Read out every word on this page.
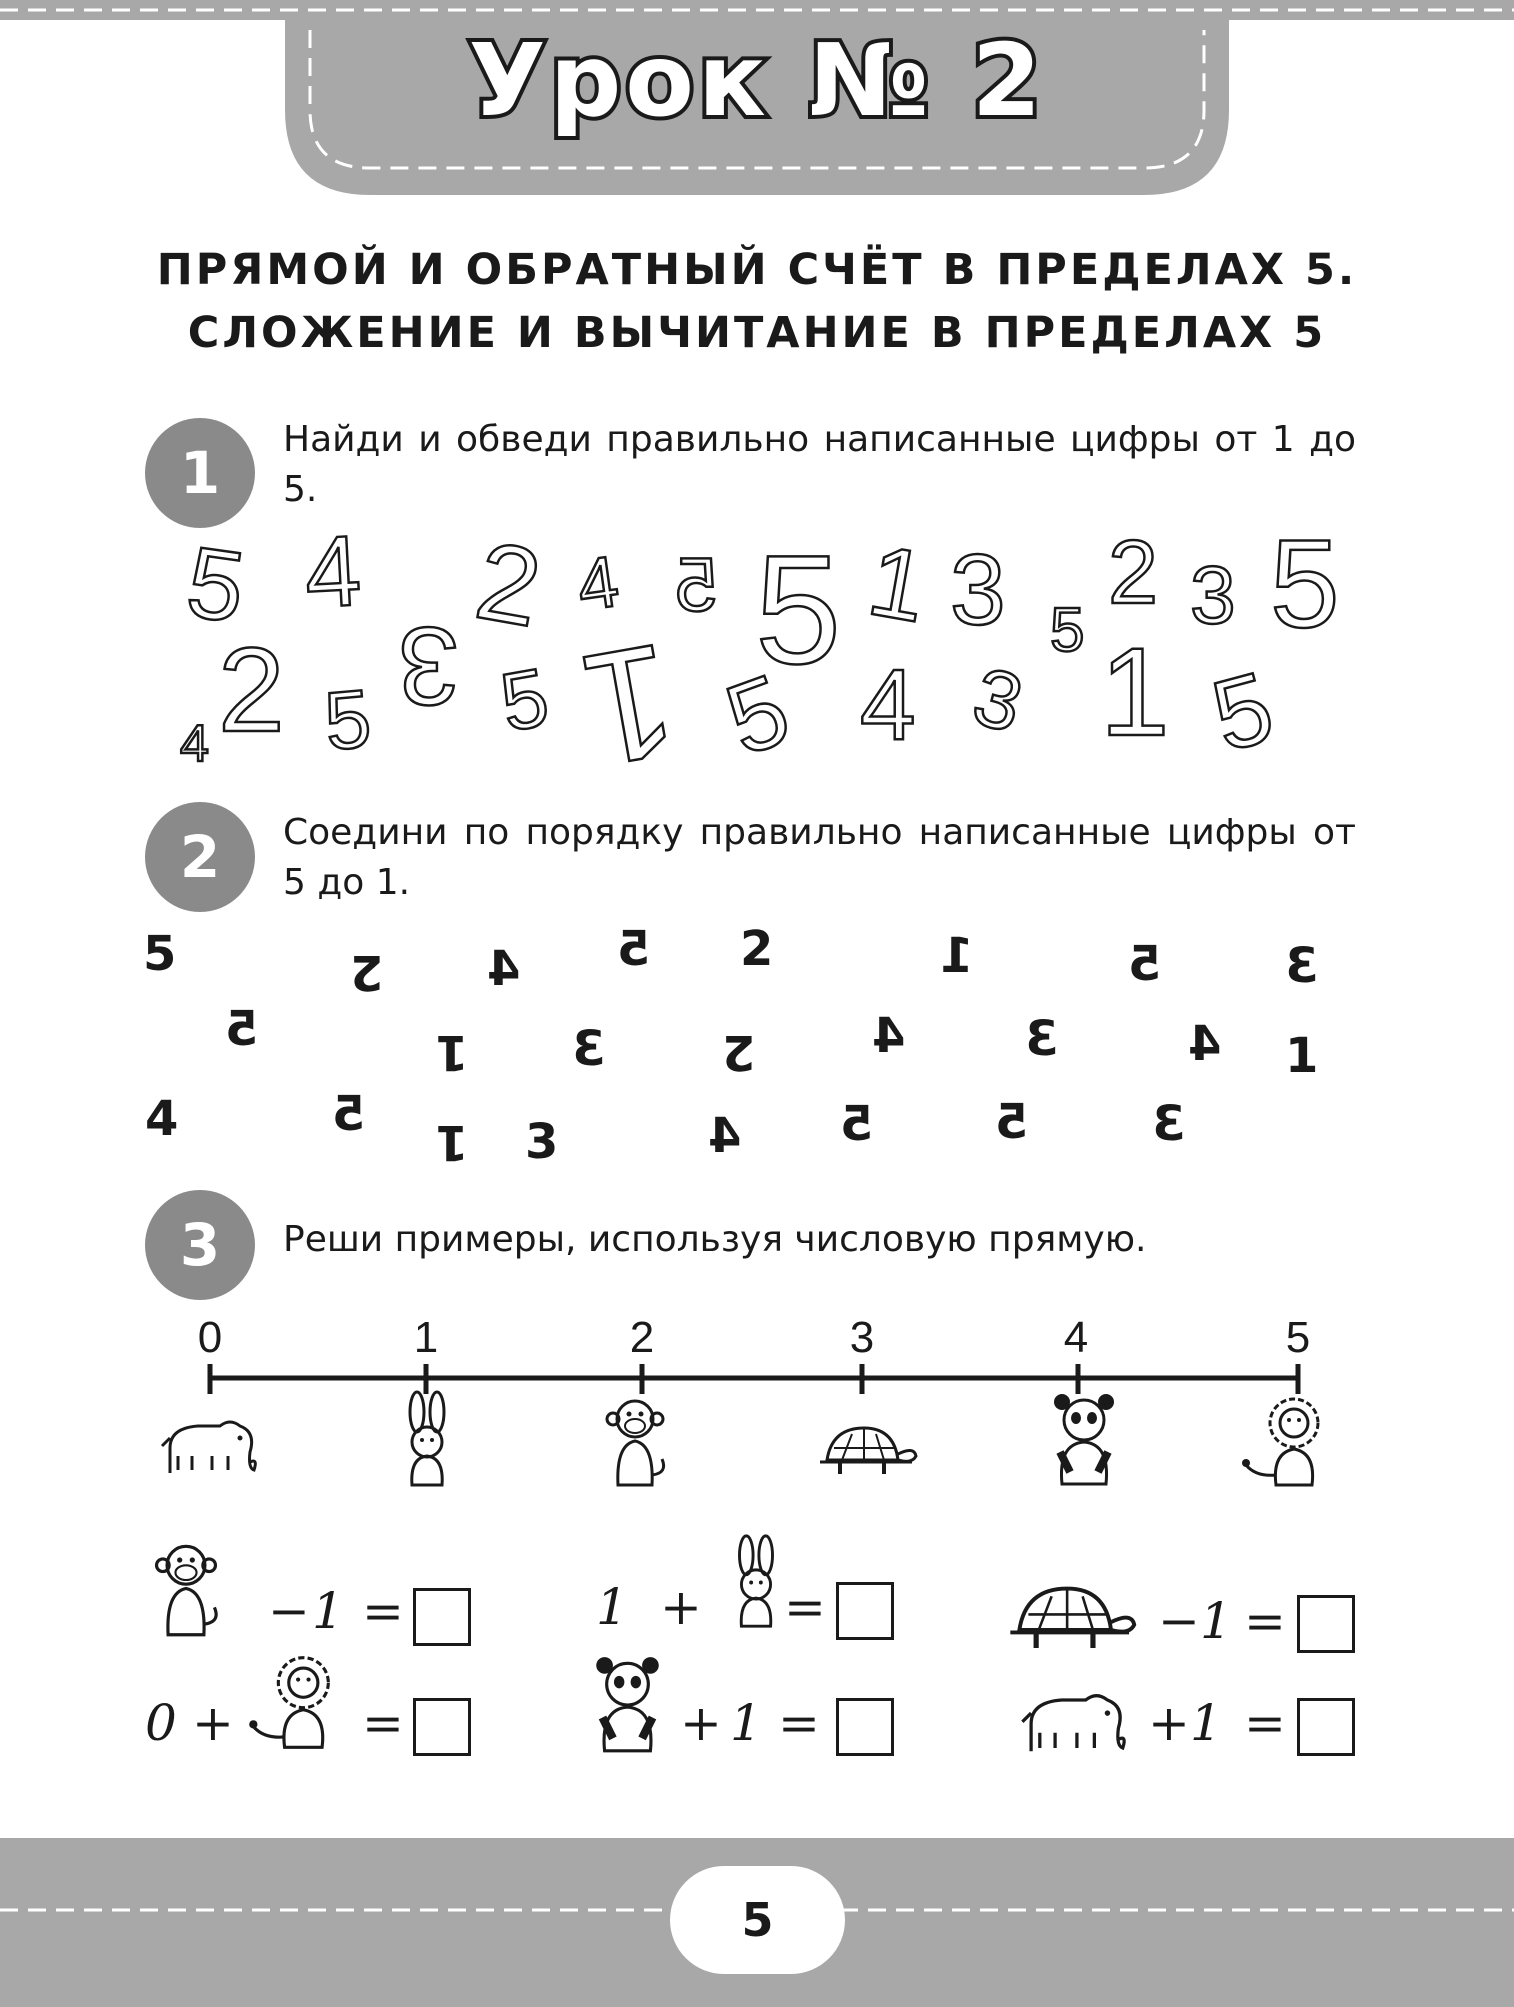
Урок № 2
ПРЯМОЙ И ОБРАТНЫЙ СЧЁТ В ПРЕДЕЛАХ 5.
СЛОЖЕНИЕ И ВЫЧИТАНИЕ В ПРЕДЕЛАХ 5
1	Найди и обведи правильно написанные цифры от 1 до 5.
5 4 2 4 5 5 1 3 5
2 3 5
4 2 5 3 5 1 5 4 3 1 5
2	Соедини по порядку правильно написанные цифры от 5 до 1.
5	2 4 5 2	1	5	3
5	1 3 2 4 3	4 1
4	5 1 3	4 5	5	3
3	Реши примеры, используя числовую прямую.
0	1	2	3	4	5
− 1 =	1 + =	− 1 =
0 +	=	+ 1 =	+ 1 =
5
